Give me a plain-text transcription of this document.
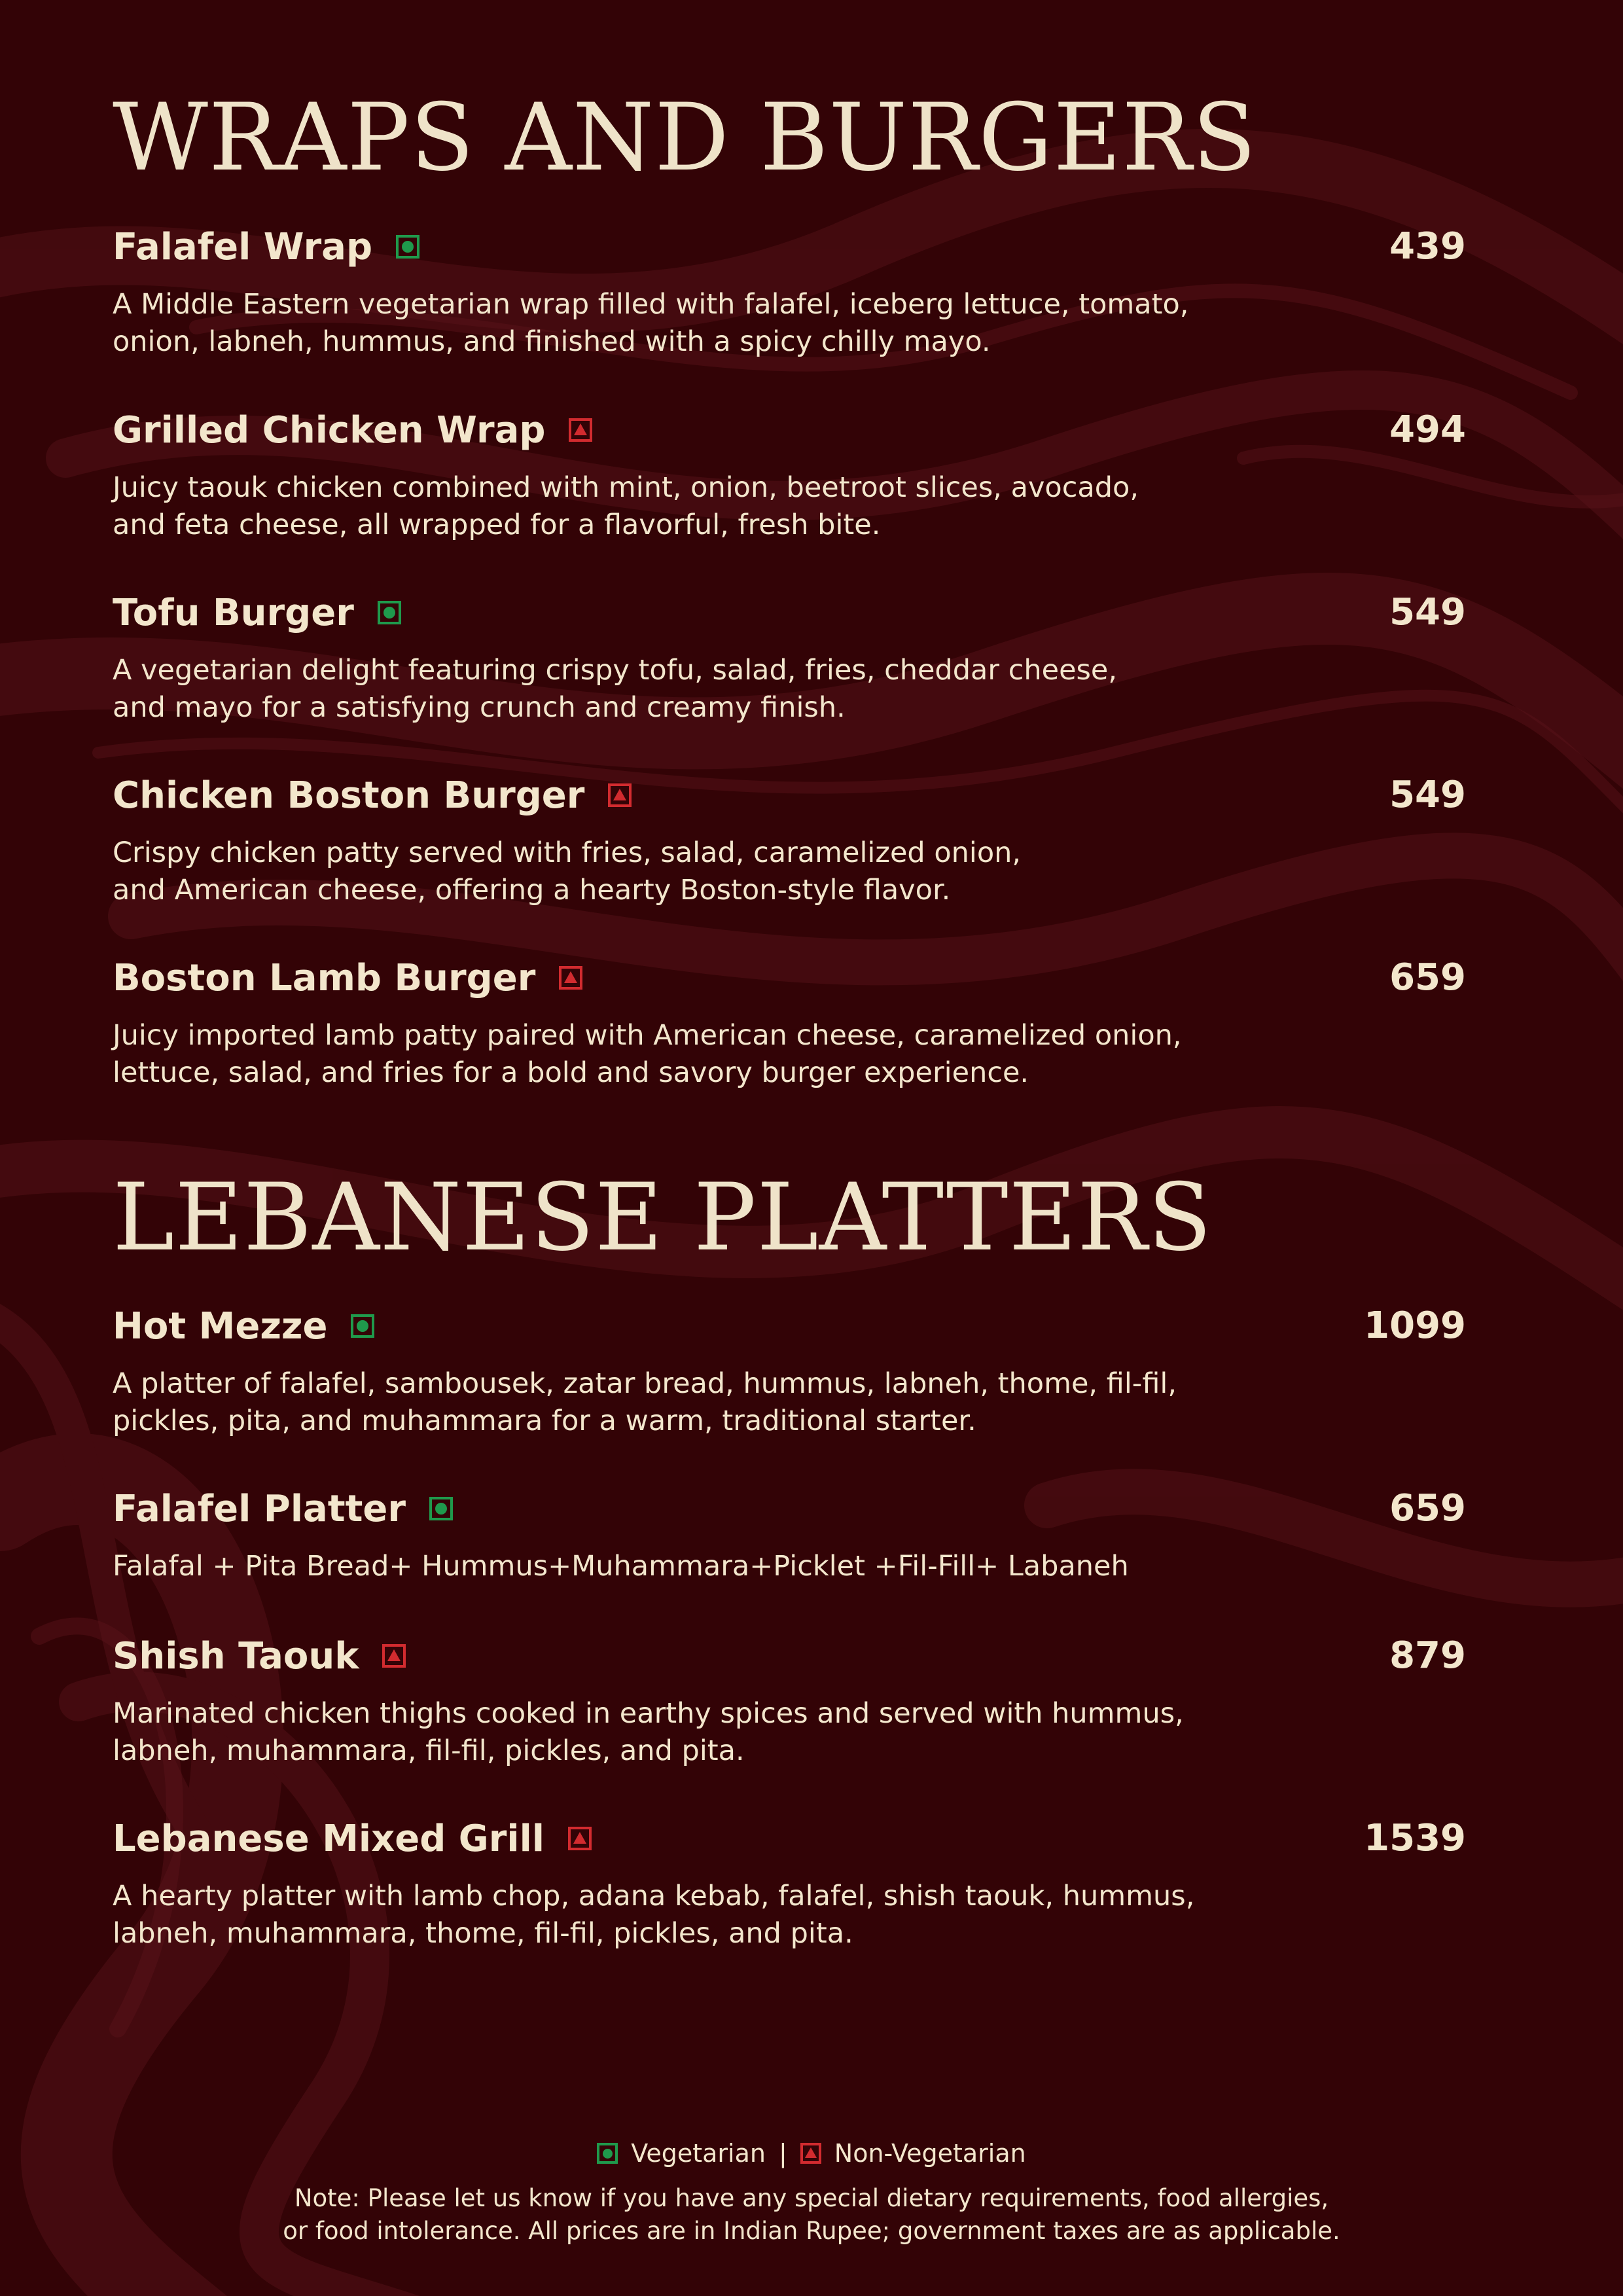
WRAPS AND BURGERS
Falafel Wrap	439
A Middle Eastern vegetarian wrap filled with falafel, iceberg lettuce, tomato,
onion, labneh, hummus, and finished with a spicy chilly mayo.
Grilled Chicken Wrap	494
Juicy taouk chicken combined with mint, onion, beetroot slices, avocado,
and feta cheese, all wrapped for a flavorful, fresh bite.
Tofu Burger	549
A vegetarian delight featuring crispy tofu, salad, fries, cheddar cheese,
and mayo for a satisfying crunch and creamy finish.
Chicken Boston Burger	549
Crispy chicken patty served with fries, salad, caramelized onion,
and American cheese, offering a hearty Boston-style flavor.
Boston Lamb Burger	659
Juicy imported lamb patty paired with American cheese, caramelized onion,
lettuce, salad, and fries for a bold and savory burger experience.
LEBANESE PLATTERS
Hot Mezze	1099
A platter of falafel, sambousek, zatar bread, hummus, labneh, thome, fil-fil,
pickles, pita, and muhammara for a warm, traditional starter.
Falafel Platter	659
Falafal + Pita Bread+ Hummus+Muhammara+Picklet +Fil-Fill+ Labaneh
Shish Taouk	879
Marinated chicken thighs cooked in earthy spices and served with hummus,
labneh, muhammara, fil-fil, pickles, and pita.
Lebanese Mixed Grill	1539
A hearty platter with lamb chop, adana kebab, falafel, shish taouk, hummus,
labneh, muhammara, thome, fil-fil, pickles, and pita.
Vegetarian | Non-Vegetarian
Note: Please let us know if you have any special dietary requirements, food allergies,
or food intolerance. All prices are in Indian Rupee; government taxes are as applicable.
